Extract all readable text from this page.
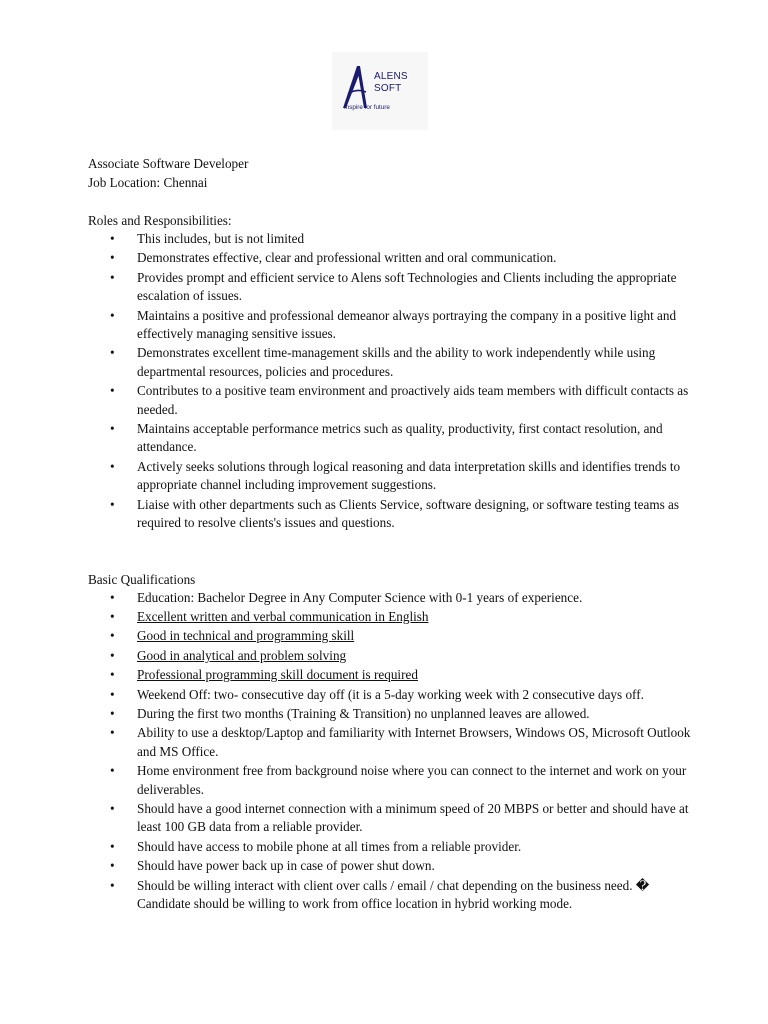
ALENS
SOFT
Inspire for future

Associate Software Developer

Job Location: Chennai

Roles and Responsibilities:

• This includes, but is not limited
• Demonstrates effective, clear and professional written and oral communication.
• Provides prompt and efficient service to Alens soft Technologies and Clients including the appropriate escalation of issues.
• Maintains a positive and professional demeanor always portraying the company in a positive light and effectively managing sensitive issues.
• Demonstrates excellent time-management skills and the ability to work independently while using departmental resources, policies and procedures.
• Contributes to a positive team environment and proactively aids team members with difficult contacts as needed.
• Maintains acceptable performance metrics such as quality, productivity, first contact resolution, and attendance.
• Actively seeks solutions through logical reasoning and data interpretation skills and identifies trends to appropriate channel including improvement suggestions.
• Liaise with other departments such as Clients Service, software designing, or software testing teams as required to resolve clients's issues and questions.

Basic Qualifications

• Education: Bachelor Degree in Any Computer Science with 0-1 years of experience.
• Excellent written and verbal communication in English
• Good in technical and programming skill
• Good in analytical and problem solving
• Professional programming skill document is required
• Weekend Off: two- consecutive day off (it is a 5-day working week with 2 consecutive days off.
• During the first two months (Training & Transition) no unplanned leaves are allowed.
• Ability to use a desktop/Laptop and familiarity with Internet Browsers, Windows OS, Microsoft Outlook and MS Office.
• Home environment free from background noise where you can connect to the internet and work on your deliverables.
• Should have a good internet connection with a minimum speed of 20 MBPS or better and should have at least 100 GB data from a reliable provider.
• Should have access to mobile phone at all times from a reliable provider.
• Should have power back up in case of power shut down.
• Should be willing interact with client over calls / email / chat depending on the business need. � Candidate should be willing to work from office location in hybrid working mode.
